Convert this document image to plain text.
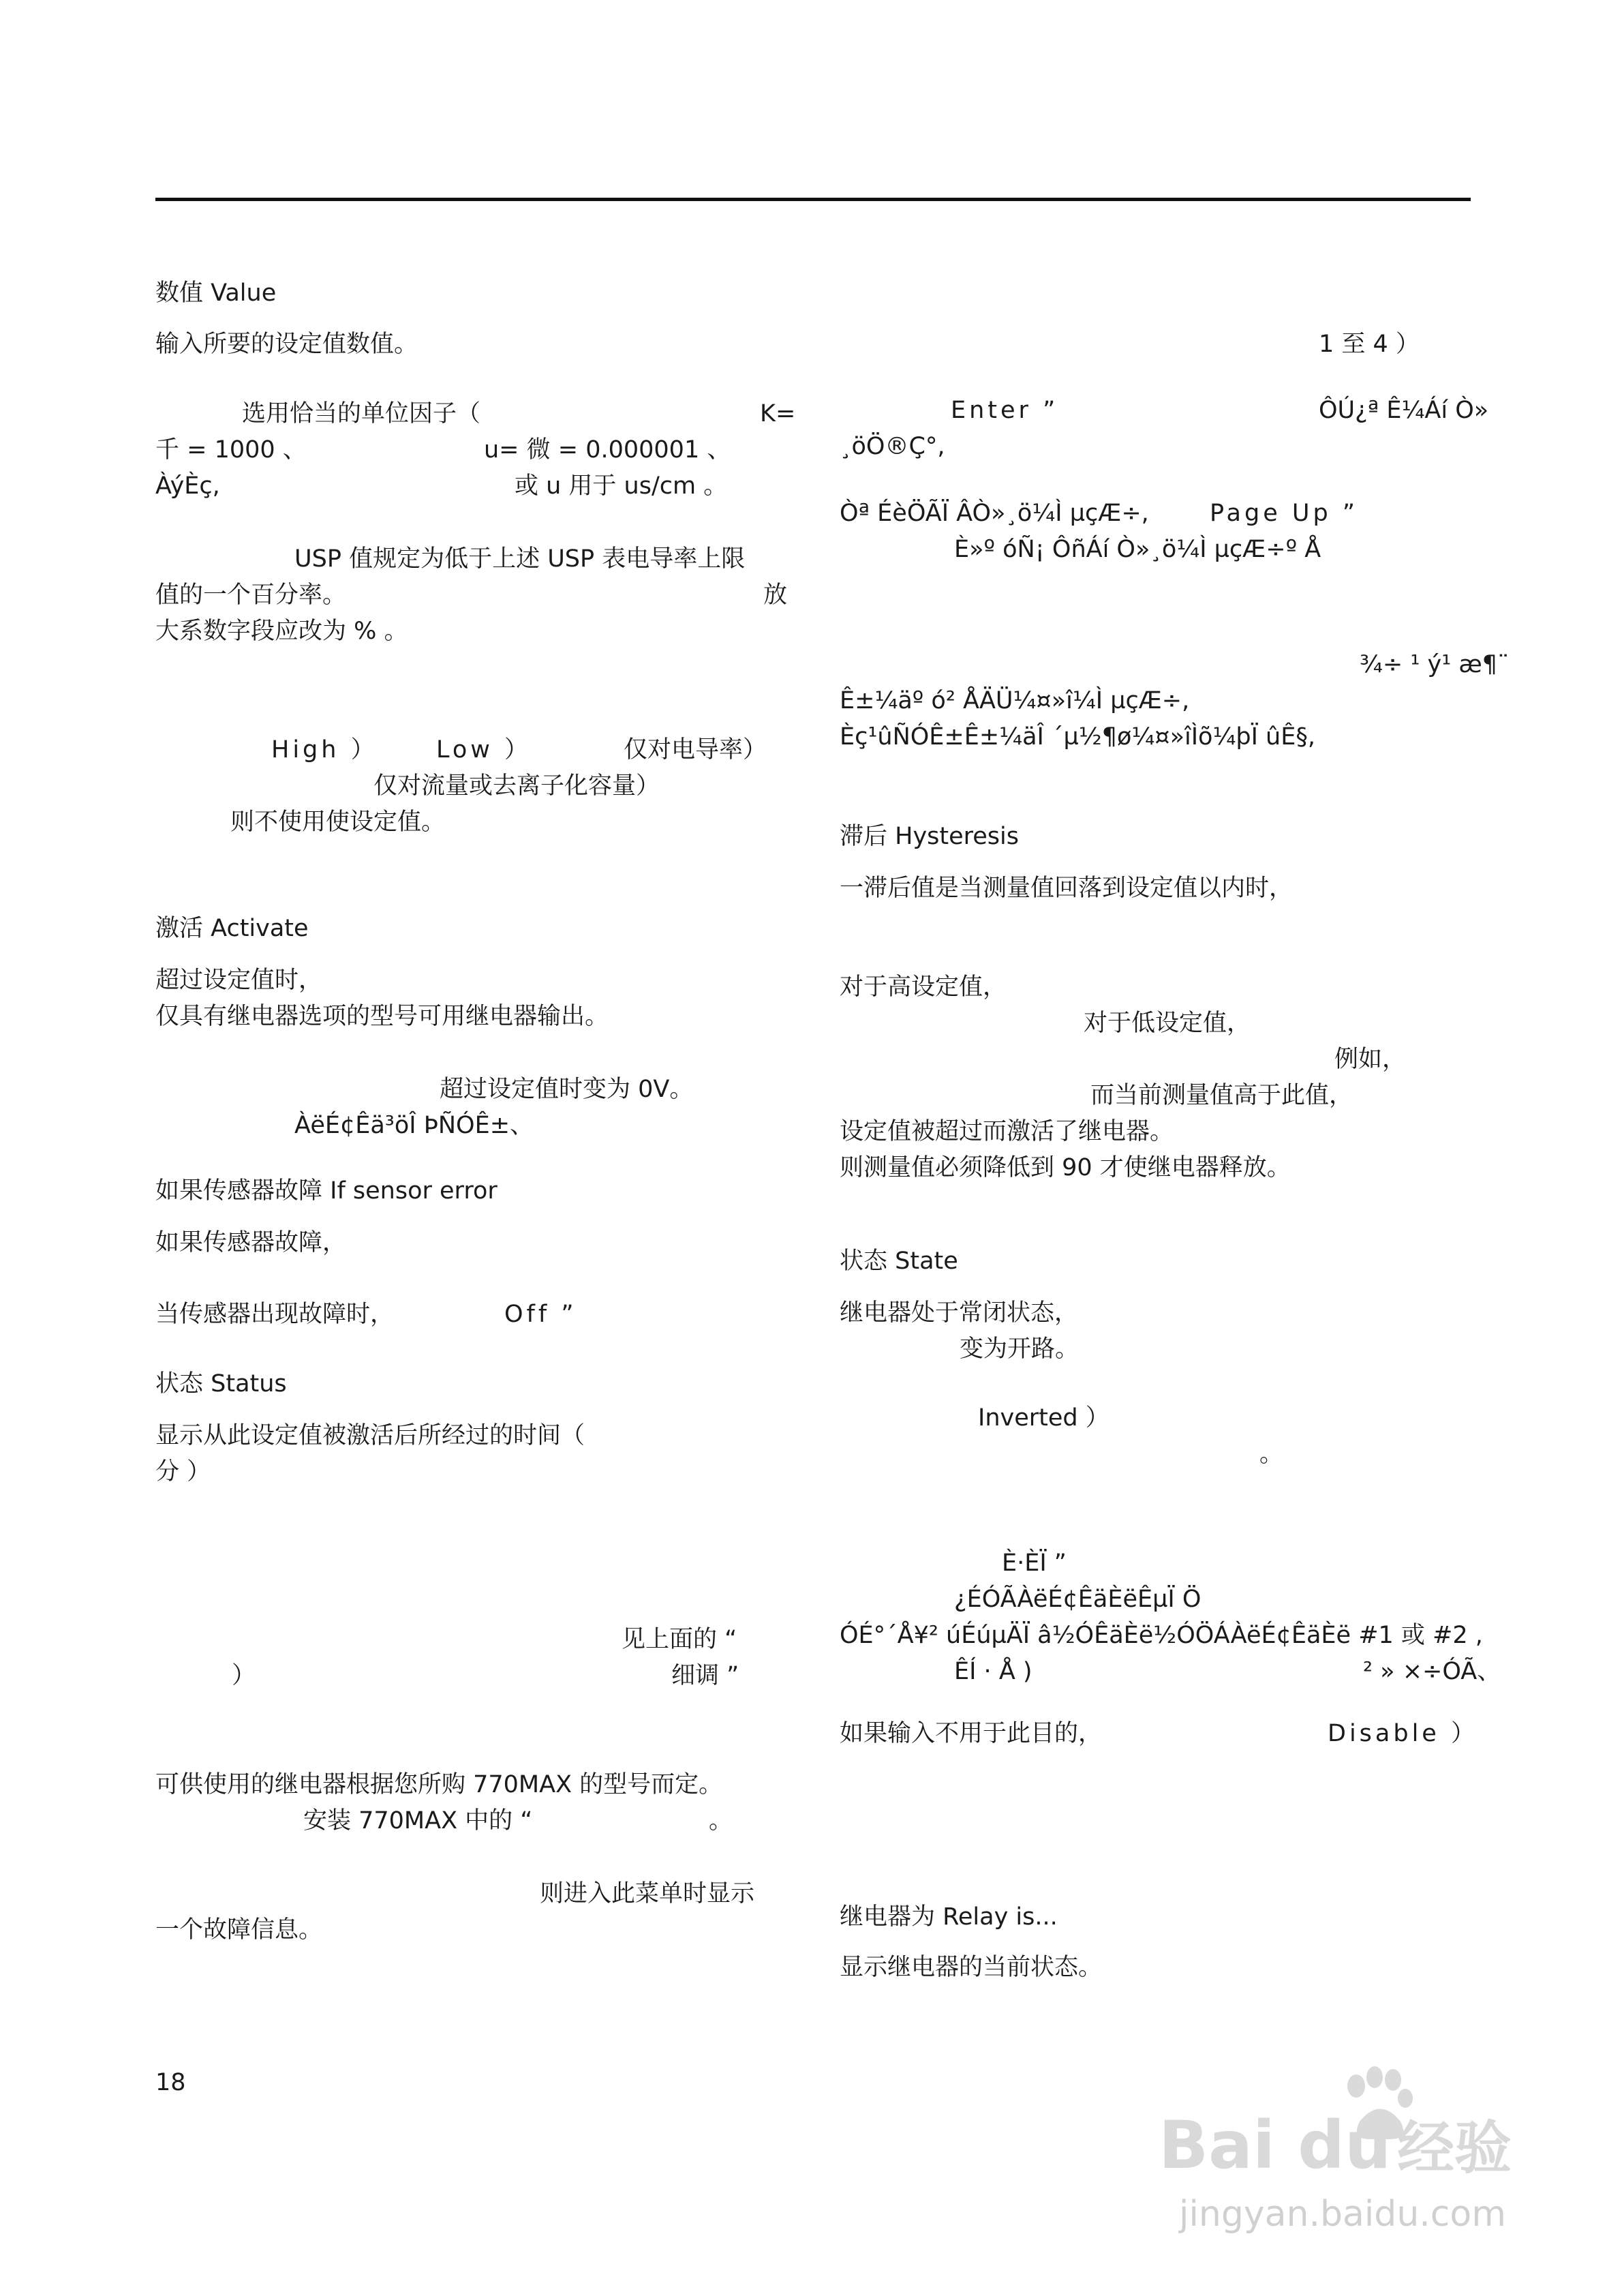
数值 Value
输入所要的设定值数值。
选用恰当的单位因子（	K=
千 = 1000 、	u= 微 = 0.000001 、
ÀýÈç,	或 u 用于 us/cm 。
USP 值规定为低于上述 USP 表电导率上限
值的一个百分率。	放
大系数字段应改为 % 。
High ） Low ）	仅对电导率）
仅对流量或去离子化容量）
则不使用使设定值。
激活 Activate
超过设定值时，
仅具有继电器选项的型号可用继电器输出。
超过设定值时变为 0V。
ÀëÉ¢Êä³öÎ ÞÑÓÊ±、
如果传感器故障 If sensor error
如果传感器故障，
当传感器出现故障时，	Off ”
状态 Status
显示从此设定值被激活后所经过的时间（
分 ）
见上面的 “
）	细调 ”
可供使用的继电器根据您所购 770MAX 的型号而定。
安装 770MAX 中的 “	。
则进入此菜单时显示
一个故障信息。
18
1 至 4 ）
Enter ”	ÔÚ¿ª Ê¼Áí Ò»
¸öÖ®Ç°,
Òª ÉèÖÃÏ ÂÒ»¸ö¼Ì µçÆ÷,	Page Up ”
È»º óÑ¡ ÔñÁí Ò»¸ö¼Ì µçÆ÷º Å
¾÷ ¹ ý¹ æ¶¨
Ê±¼äº ó² ÅÄÜ¼¤»î¼Ì µçÆ÷,
Èç¹ûÑÓÊ±Ê±¼äÎ ´µ½¶ø¼¤»îÌõ¼þÏ ûÊ§,
滞后 Hysteresis
一滞后值是当测量值回落到设定值以内时，
对于高设定值，
对于低设定值，
例如，
而当前测量值高于此值，
设定值被超过而激活了继电器。
则测量值必须降低到 90 才使继电器释放。
状态 State
继电器处于常闭状态，
变为开路。
Inverted ）
。
È·ÈÏ ”
¿ÉÓÃÀëÉ¢ÊäÈëÊµÏ Ö
ÓÉ°´Å¥² úÉúµÄÏ â½ÓÊäÈë½ÓÖÁÀëÉ¢ÊäÈë #1 或 #2 ,
ÊÍ · Å )	² » ×÷ÓÃ、
如果输入不用于此目的，	Disable ）
继电器为 Relay is...
显示继电器的当前状态。
Bai du 经验
jingyan.baidu.com
